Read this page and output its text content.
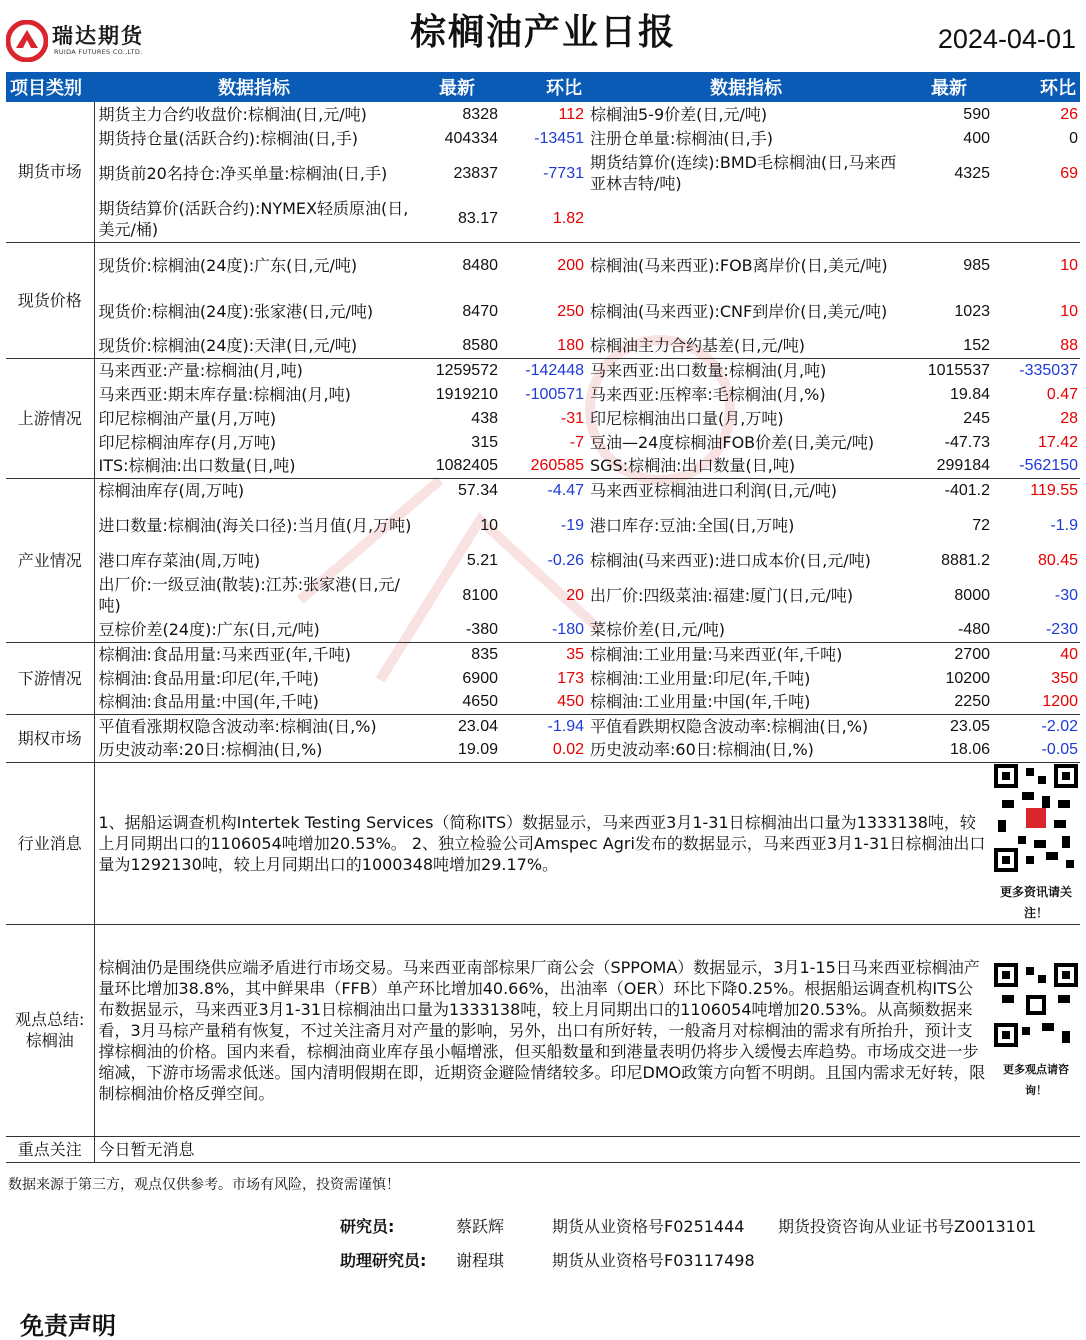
瑞达期货
RUIDA FUTURES CO.,LTD.	棕榈油产业日报	2024-04-01
项目类别	数据指标	最新	环比	数据指标	最新	环比
期货市场	期货主力合约收盘价:棕榈油(日,元/吨)	8328	112	棕榈油5-9价差(日,元/吨)	590	26
	期货持仓量(活跃合约):棕榈油(日,手)	404334	-13451	注册仓单量:棕榈油(日,手)	400	0
	期货前20名持仓:净买单量:棕榈油(日,手)	23837	-7731	期货结算价(连续):BMD毛棕榈油(日,马来西亚林吉特/吨)	4325	69
	期货结算价(活跃合约):NYMEX轻质原油(日,美元/桶)	83.17	1.82			
现货价格	现货价:棕榈油(24度):广东(日,元/吨)	8480	200	棕榈油(马来西亚):FOB离岸价(日,美元/吨)	985	10
	现货价:棕榈油(24度):张家港(日,元/吨)	8470	250	棕榈油(马来西亚):CNF到岸价(日,美元/吨)	1023	10
	现货价:棕榈油(24度):天津(日,元/吨)	8580	180	棕榈油主力合约基差(日,元/吨)	152	88
上游情况	马来西亚:产量:棕榈油(月,吨)	1259572	-142448	马来西亚:出口数量:棕榈油(月,吨)	1015537	-335037
	马来西亚:期末库存量:棕榈油(月,吨)	1919210	-100571	马来西亚:压榨率:毛棕榈油(月,%)	19.84	0.47
	印尼棕榈油产量(月,万吨)	438	-31	印尼棕榈油出口量(月,万吨)	245	28
	印尼棕榈油库存(月,万吨)	315	-7	豆油—24度棕榈油FOB价差(日,美元/吨)	-47.73	17.42
	ITS:棕榈油:出口数量(日,吨)	1082405	260585	SGS:棕榈油:出口数量(日,吨)	299184	-562150
产业情况	棕榈油库存(周,万吨)	57.34	-4.47	马来西亚棕榈油进口利润(日,元/吨)	-401.2	119.55
	进口数量:棕榈油(海关口径):当月值(月,万吨)	10	-19	港口库存:豆油:全国(日,万吨)	72	-1.9
	港口库存菜油(周,万吨)	5.21	-0.26	棕榈油(马来西亚):进口成本价(日,元/吨)	8881.2	80.45
	出厂价:一级豆油(散装):江苏:张家港(日,元/吨)	8100	20	出厂价:四级菜油:福建:厦门(日,元/吨)	8000	-30
	豆棕价差(24度):广东(日,元/吨)	-380	-180	菜棕价差(日,元/吨)	-480	-230
下游情况	棕榈油:食品用量:马来西亚(年,千吨)	835	35	棕榈油:工业用量:马来西亚(年,千吨)	2700	40
	棕榈油:食品用量:印尼(年,千吨)	6900	173	棕榈油:工业用量:印尼(年,千吨)	10200	350
	棕榈油:食品用量:中国(年,千吨)	4650	450	棕榈油:工业用量:中国(年,千吨)	2250	1200
期权市场	平值看涨期权隐含波动率:棕榈油(日,%)	23.04	-1.94	平值看跌期权隐含波动率:棕榈油(日,%)	23.05	-2.02
	历史波动率:20日:棕榈油(日,%)	19.09	0.02	历史波动率:60日:棕榈油(日,%)	18.06	-0.05
行业消息	1、据船运调查机构Intertek Testing Services（简称ITS）数据显示，马来西亚3月1-31日棕榈油出口量为1333138吨，较上月同期出口的1106054吨增加20.53%。 2、独立检验公司Amspec Agri发布的数据显示，马来西亚3月1-31日棕榈油出口量为1292130吨，较上月同期出口的1000348吨增加29.17%。					更多资讯请关注！

观点总结:
棕榈油	棕榈油仍是围绕供应端矛盾进行市场交易。马来西亚南部棕果厂商公会（SPPOMA）数据显示，3月1-15日马来西亚棕榈油产量环比增加38.8%，其中鲜果串（FFB）单产环比增加40.66%，出油率（OER）环比下降0.25%。根据船运调查机构ITS公布数据显示，马来西亚3月1-31日棕榈油出口量为1333138吨，较上月同期出口的1106054吨增加20.53%。从高频数据来看，3月马棕产量稍有恢复，不过关注斋月对产量的影响，另外，出口有所好转，一般斋月对棕榈油的需求有所抬升，预计支撑棕榈油的价格。国内来看，棕榈油商业库存虽小幅增涨，但买船数量和到港量表明仍将步入缓慢去库趋势。市场成交进一步缩减，下游市场需求低迷。国内清明假期在即，近期资金避险情绪较多。印尼DMO政策方向暂不明朗。且国内需求无好转，限制棕榈油价格反弹空间。					更多观点请咨询！

重点关注	今日暂无消息					
数据来源于第三方，观点仅供参考。市场有风险，投资需谨慎！
研究员:	蔡跃辉	期货从业资格号F0251444 期货投资咨询从业证书号Z0013101
助理研究员: 谢程琪	期货从业资格号F03117498
免责声明
